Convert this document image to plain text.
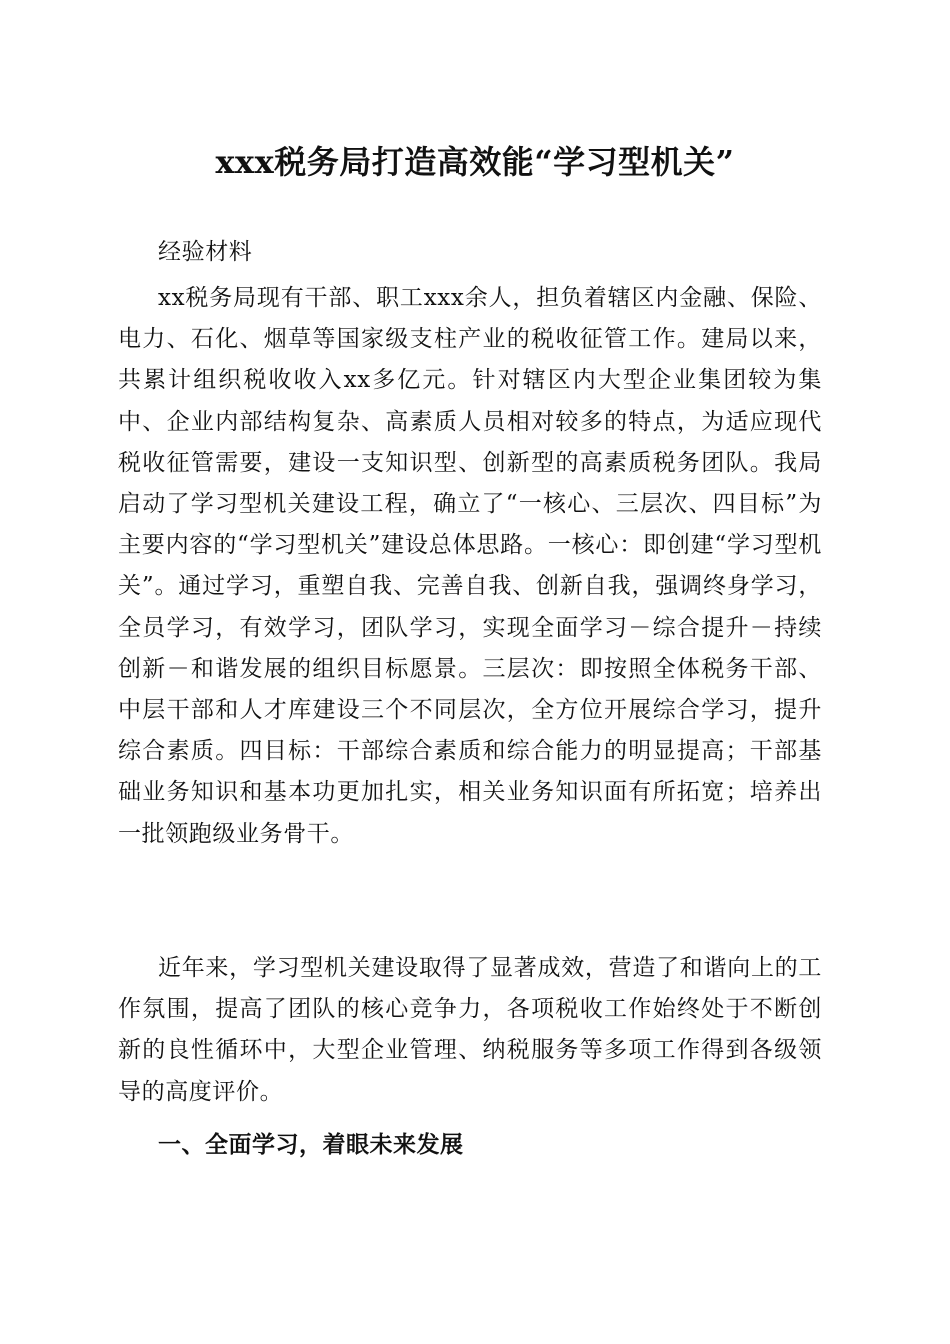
xxx税务局打造高效能“学习型机关”

经验材料

xx税务局现有干部、职工xxx余人，担负着辖区内金融、保险、电力、石化、烟草等国家级支柱产业的税收征管工作。建局以来，共累计组织税收收入xx多亿元。针对辖区内大型企业集团较为集中、企业内部结构复杂、高素质人员相对较多的特点，为适应现代税收征管需要，建设一支知识型、创新型的高素质税务团队。我局启动了学习型机关建设工程，确立了“一核心、三层次、四目标”为主要内容的“学习型机关”建设总体思路。一核心：即创建“学习型机关”。通过学习，重塑自我、完善自我、创新自我，强调终身学习，全员学习，有效学习，团队学习，实现全面学习－综合提升－持续创新－和谐发展的组织目标愿景。三层次：即按照全体税务干部、中层干部和人才库建设三个不同层次，全方位开展综合学习，提升综合素质。四目标：干部综合素质和综合能力的明显提高；干部基础业务知识和基本功更加扎实，相关业务知识面有所拓宽；培养出一批领跑级业务骨干。

近年来，学习型机关建设取得了显著成效，营造了和谐向上的工作氛围，提高了团队的核心竞争力，各项税收工作始终处于不断创新的良性循环中，大型企业管理、纳税服务等多项工作得到各级领导的高度评价。

一、全面学习，着眼未来发展
